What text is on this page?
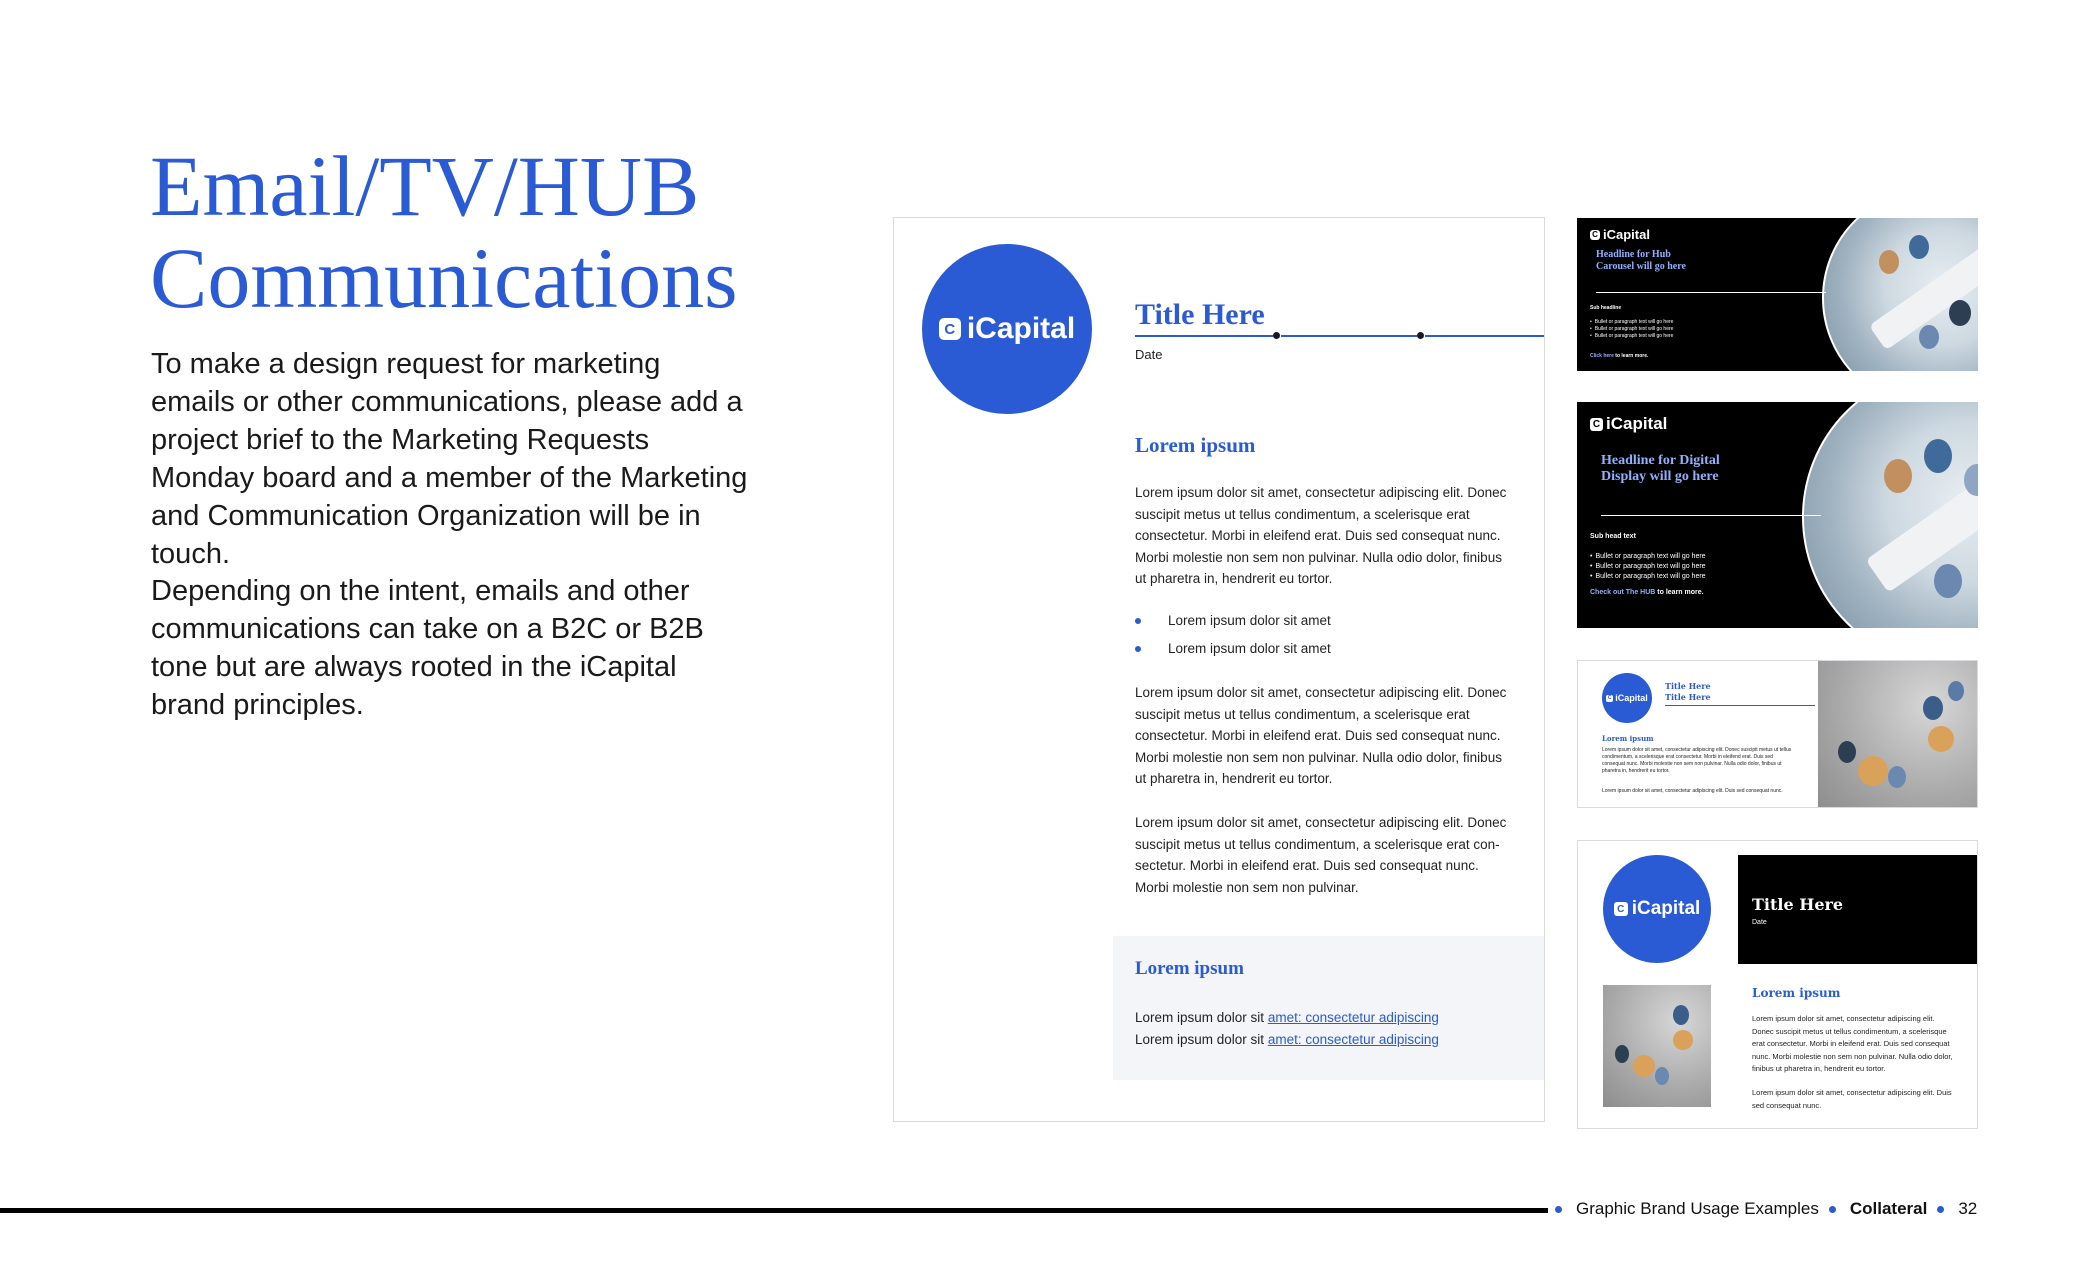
Email/TV/HUB
Communications

To make a design request for marketing emails or other communications, please add a project brief to the Marketing Requests Monday board and a member of the Marketing and Communication Organization will be in touch.

Depending on the intent, emails and other communications can take on a B2C or B2B tone but are always rooted in the iCapital brand principles.

C iCapital Title Here
Date
Lorem ipsum

Lorem ipsum dolor sit amet, consectetur adipiscing elit. Donec suscipit metus ut tellus condimentum, a scelerisque erat consectetur. Morbi in eleifend erat. Duis sed consequat nunc. Morbi molestie non sem non pulvinar. Nulla odio dolor, finibus ut pharetra in, hendrerit eu tortor.

Lorem ipsum dolor sit amet
Lorem ipsum dolor sit amet

Lorem ipsum dolor sit amet, consectetur adipiscing elit. Donec suscipit metus ut tellus condimentum, a scelerisque erat consectetur. Morbi in eleifend erat. Duis sed consequat nunc. Morbi molestie non sem non pulvinar. Nulla odio dolor, finibus ut pharetra in, hendrerit eu tortor.

Lorem ipsum dolor sit amet, consectetur adipiscing elit. Donec suscipit metus ut tellus condimentum, a scelerisque erat con-sectetur. Morbi in eleifend erat. Duis sed consequat nunc. Morbi molestie non sem non pulvinar.

Lorem ipsum
Lorem ipsum dolor sit amet: consectetur adipiscing
Lorem ipsum dolor sit amet: consectetur adipiscing
C iCapital
Headline for Hub Carousel will go here
Sub headline
• Bullet or paragraph text will go here
• Bullet or paragraph text will go here
• Bullet or paragraph text will go here
Click here to learn more.
C iCapital
Headline for Digital Display will go here
Sub head text
• Bullet or paragraph text will go here
• Bullet or paragraph text will go here
• Bullet or paragraph text will go here
Check out The HUB to learn more.
C iCapital
Title Here
Title Here
Lorem ipsum

Lorem ipsum dolor sit amet, consectetur adipiscing elit. Donec suscipit metus ut tellus condimentum, a scelerisque erat consectetur. Morbi in eleifend erat. Duis sed consequat nunc. Morbi molestie non sem non pulvinar. Nulla odio dolor, finibus ut pharetra in, hendrerit eu tortor.

Lorem ipsum dolor sit amet, consectetur adipiscing elit. Duis sed consequat nunc.

C iCapital	Title Here
Date
Lorem ipsum

Lorem ipsum dolor sit amet, consectetur adipiscing elit. Donec suscipit metus ut tellus condimentum, a scelerisque erat consectetur. Morbi in eleifend erat. Duis sed consequat nunc. Morbi molestie non sem non pulvinar. Nulla odio dolor, finibus ut pharetra in, hendrerit eu tortor.

Lorem ipsum dolor sit amet, consectetur adipiscing elit. Duis sed consequat nunc.

Graphic Brand Usage Examples Collateral 32
